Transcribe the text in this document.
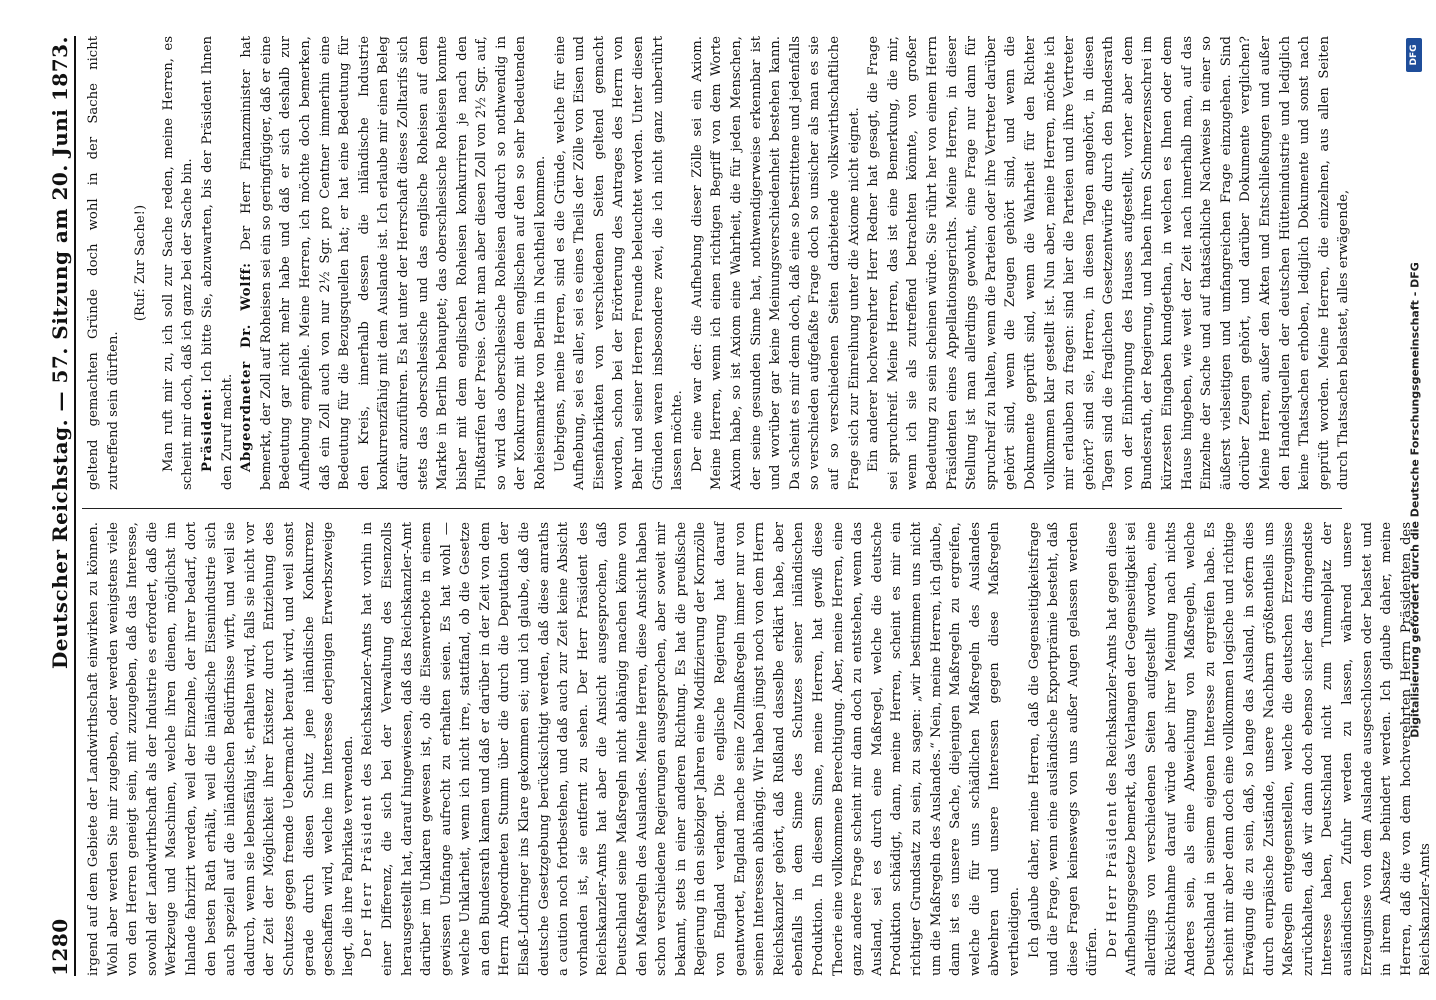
1280
Deutscher Reichstag. — 57. Sitzung am 20. Juni 1873.

irgend auf dem Gebiete der Landwirthschaft einwirken zu können. Wohl aber werden Sie mir zugeben, oder werden wenigstens viele von den Herren geneigt sein, mit zuzugeben, daß das Interesse, sowohl der Landwirthschaft als der Industrie es erfordert, daß die Werkzeuge und Maschinen, welche ihren dienen, möglichst im Inlande fabrizirt werden, weil der Einzelne, der ihrer bedarf, dort den besten Rath erhält, weil die inländische Eisenindustrie sich auch speziell auf die inländischen Bedürfnisse wirft, und weil sie dadurch, wenn sie lebensfähig ist, erhalten wird, falls sie nicht vor der Zeit der Möglichkeit ihrer Existenz durch Entziehung des Schutzes gegen fremde Uebermacht beraubt wird, und weil sonst gerade durch diesen Schutz jene inländische Konkurrenz geschaffen wird, welche im Interesse derjenigen Erwerbszweige liegt, die ihre Fabrikate verwenden. Der Herr Präsident des Reichskanzler-Amts hat vorhin in einer Differenz, die sich bei der Verwaltung des Eisenzolls herausgestellt hat, darauf hingewiesen, daß das Reichskanzler-Amt darüber im Unklaren gewesen ist, ob die Eisenverbote in einem gewissen Umfange aufrecht zu erhalten seien. Es hat wohl — welche Unklarheit, wenn ich nicht irre, stattfand, ob die Gesetze an den Bundesrath kamen und daß er darüber in der Zeit von dem Herrn Abgeordneten Stumm über die durch die Deputation der Elsaß-Lothringer ins Klare gekommen sei; und ich glaube, daß die deutsche Gesetzgebung berücksichtigt werden, daß diese anraths a caution noch fortbestehen, und daß auch zur Zeit keine Absicht vorhanden ist, sie entfernt zu sehen. Der Herr Präsident des Reichskanzler-Amts hat aber die Ansicht ausgesprochen, daß Deutschland seine Maßregeln nicht abhängig machen könne von den Maßregeln des Auslandes. Meine Herren, diese Ansicht haben schon verschiedene Regierungen ausgesprochen, aber soweit mir bekannt, stets in einer anderen Richtung. Es hat die preußische Regierung in den siebziger Jahren eine Modifizierung der Kornzölle von England verlangt. Die englische Regierung hat darauf geantwortet, England mache seine Zollmaßregeln immer nur von seinen Interessen abhängig. Wir haben jüngst noch von dem Herrn Reichskanzler gehört, daß Rußland dasselbe erklärt habe, aber ebenfalls in dem Sinne des Schutzes seiner inländischen Produktion. In diesem Sinne, meine Herren, hat gewiß diese Theorie eine vollkommene Berechtigung. Aber, meine Herren, eine ganz andere Frage scheint mir dann doch zu entstehen, wenn das Ausland, sei es durch eine Maßregel, welche die deutsche Produktion schädigt, dann, meine Herren, scheint es mir ein richtiger Grundsatz zu sein, zu sagen: „wir bestimmen uns nicht um die Maßregeln des Auslandes.“ Nein, meine Herren, ich glaube, dann ist es unsere Sache, diejenigen Maßregeln zu ergreifen, welche die für uns schädlichen Maßregeln des Auslandes abwehren und unsere Interessen gegen diese Maßregeln vertheidigen. Ich glaube daher, meine Herren, daß die Gegenseitigkeitsfrage und die Frage, wenn eine ausländische Exportprämie besteht, daß diese Fragen keineswegs von uns außer Augen gelassen werden dürfen. Der Herr Präsident des Reichskanzler-Amts hat gegen diese Aufhebungsgesetze bemerkt, das Verlangen der Gegenseitigkeit sei allerdings von verschiedenen Seiten aufgestellt worden, eine Rücksichtnahme darauf würde aber ihrer Meinung nach nichts Anderes sein, als eine Abweichung von Maßregeln, welche Deutschland in seinem eigenen Interesse zu ergreifen habe. Es scheint mir aber denn doch eine vollkommen logische und richtige Erwägung die zu sein, daß, so lange das Ausland, in sofern dies durch eurpäische Zustände, unsere Nachbarn größtentheils uns Maßregeln entgegenstellen, welche die deutschen Erzeugnisse zurückhalten, daß wir dann doch ebenso sicher das dringendste Interesse haben, Deutschland nicht zum Tummelplatz der ausländischen Zufuhr werden zu lassen, während unsere Erzeugnisse von dem Auslande ausgeschlossen oder belastet und in ihrem Absatze behindert werden. Ich glaube daher, meine Herren, daß die von dem hochverehrten Herrn Präsidenten des Reichskanzler-Amts

geltend gemachten Gründe doch wohl in der Sache nicht zutreffend sein dürften.

(Ruf: Zur Sache!) Man ruft mir zu, ich soll zur Sache reden, meine Herren, es scheint mir doch, daß ich ganz bei der Sache bin. Präsident: Ich bitte Sie, abzuwarten, bis der Präsident Ihnen den Zuruf macht. Abgeordneter Dr. Wolff: Der Herr Finanzminister hat bemerkt, der Zoll auf Roheisen sei ein so geringfügiger, daß er eine Bedeutung gar nicht mehr habe und daß er sich deshalb zur Aufhebung empfehle. Meine Herren, ich möchte doch bemerken, daß ein Zoll auch von nur 2½ Sgr. pro Centner immerhin eine Bedeutung für die Bezugsquellen hat; er hat eine Bedeutung für den Kreis, innerhalb dessen die inländische Industrie konkurrenzfähig mit dem Auslande ist. Ich erlaube mir einen Beleg dafür anzuführen. Es hat unter der Herrschaft dieses Zolltarifs sich stets das oberschlesische und das englische Roheisen auf dem Markte in Berlin behauptet; das oberschlesische Roheisen konnte bisher mit dem englischen Roheisen konkurriren je nach den Flußtarifen der Preise. Geht man aber diesen Zoll von 2½ Sgr. auf, so wird das oberschlesische Roheisen dadurch so nothwendig in der Konkurrenz mit dem englischen auf den so sehr bedeutenden Roheisenmarkte von Berlin in Nachtheil kommen. Uebrigens, meine Herren, sind es die Gründe, welche für eine Aufhebung, sei es aller, sei es eines Theils der Zölle von Eisen und Eisenfabrikaten von verschiedenen Seiten geltend gemacht worden, schon bei der Erörterung des Antrages des Herrn von Behr und seiner Herren Freunde beleuchtet worden. Unter diesen Gründen waren insbesondere zwei, die ich nicht ganz unberührt lassen möchte. Der eine war der: die Aufhebung dieser Zölle sei ein Axiom. Meine Herren, wenn ich einen richtigen Begriff von dem Worte Axiom habe, so ist Axiom eine Wahrheit, die für jeden Menschen, der seine gesunden Sinne hat, nothwendigerweise erkennbar ist und worüber gar keine Meinungsverschiedenheit bestehen kann. Da scheint es mir denn doch, daß eine so bestrittene und jedenfalls so verschieden aufgefaßte Frage doch so unsicher als man es sie auf so verschiedenen Seiten darbietende volkswirthschaftliche Frage sich zur Einreihung unter die Axiome nicht eignet. Ein anderer hochverehrter Herr Redner hat gesagt, die Frage sei spruchreif. Meine Herren, das ist eine Bemerkung, die mir, wenn ich sie als zutreffend betrachten könnte, von großer Bedeutung zu sein scheinen würde. Sie rührt her von einem Herrn Präsidenten eines Appellationsgerichts. Meine Herren, in dieser Stellung ist man allerdings gewohnt, eine Frage nur dann für spruchreif zu halten, wenn die Parteien oder ihre Vertreter darüber gehört sind, wenn die Zeugen gehört sind, und wenn die Dokumente geprüft sind, wenn die Wahrheit für den Richter vollkommen klar gestellt ist. Nun aber, meine Herren, möchte ich mir erlauben zu fragen: sind hier die Parteien und ihre Vertreter gehört? sind sie, Herren, in diesen Tagen angehört, in diesen Tagen sind die fraglichen Gesetzentwürfe durch den Bundesrath von der Einbringung des Hauses aufgestellt, vorher aber dem Bundesrath, der Regierung, und haben ihren Schmerzensschrei im kürzesten Eingaben kundgethan, in welchen es Ihnen oder dem Hause hingeben, wie weit der Zeit nach innerhalb man, auf das Einzelne der Sache und auf thatsächliche Nachweise in einer so äußerst vielseitigen und umfangreichen Frage einzugehen. Sind dorüber Zeugen gehört, und darüber Dokumente verglichen? Meine Herren, außer den Akten und Entschließungen und außer den Handelsquellen der deutschen Hüttenindustrie und lediglich keine Thatsachen erhoben, lediglich Dokumente und sonst nach geprüft worden. Meine Herren, die einzelnen, aus allen Seiten durch Thatsachen belastet, alles erwägende,

DFG
Digitalisierung gefördert durch die Deutsche Forschungsgemeinschaft - DFG
